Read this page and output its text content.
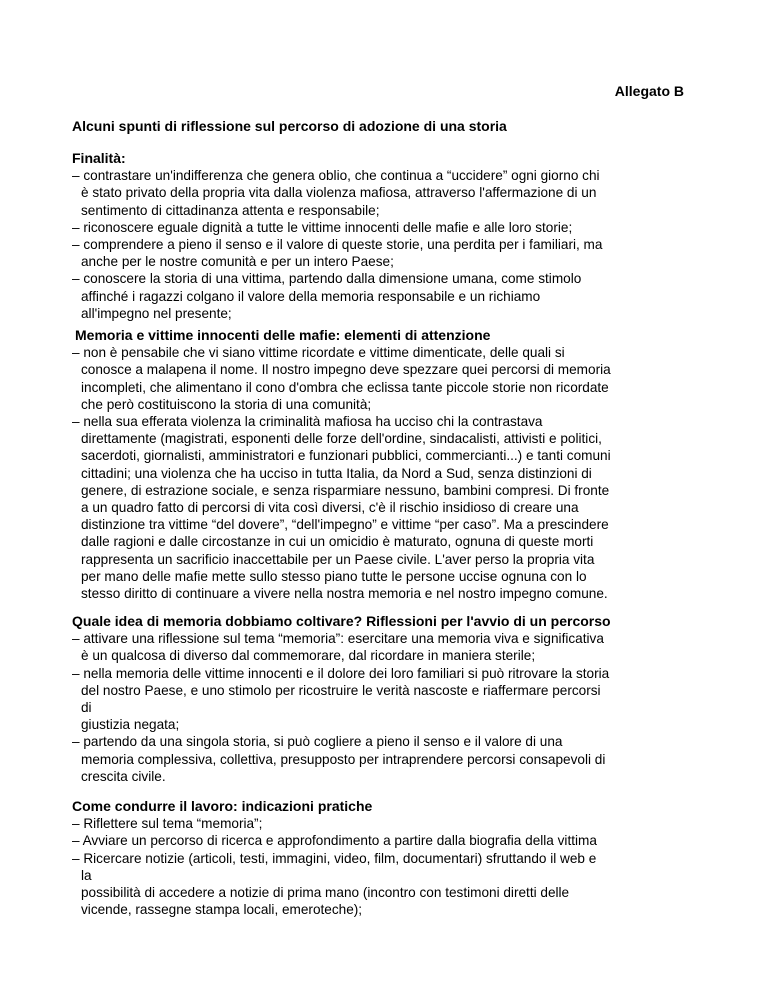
Allegato B
Alcuni spunti di riflessione sul percorso di adozione di una storia
Finalità:

– contrastare un'indifferenza che genera oblio, che continua a “uccidere” ogni giorno chi

è stato privato della propria vita dalla violenza mafiosa, attraverso l'affermazione di un

sentimento di cittadinanza attenta e responsabile;

– riconoscere eguale dignità a tutte le vittime innocenti delle mafie e alle loro storie;

– comprendere a pieno il senso e il valore di queste storie, una perdita per i familiari, ma

anche per le nostre comunità e per un intero Paese;

– conoscere la storia di una vittima, partendo dalla dimensione umana, come stimolo

affinché i ragazzi colgano il valore della memoria responsabile e un richiamo

all'impegno nel presente;

Memoria e vittime innocenti delle mafie: elementi di attenzione

– non è pensabile che vi siano vittime ricordate e vittime dimenticate, delle quali si

conosce a malapena il nome. Il nostro impegno deve spezzare quei percorsi di memoria

incompleti, che alimentano il cono d'ombra che eclissa tante piccole storie non ricordate

che però costituiscono la storia di una comunità;

– nella sua efferata violenza la criminalità mafiosa ha ucciso chi la contrastava

direttamente (magistrati, esponenti delle forze dell'ordine, sindacalisti, attivisti e politici,

sacerdoti, giornalisti, amministratori e funzionari pubblici, commercianti...) e tanti comuni

cittadini; una violenza che ha ucciso in tutta Italia, da Nord a Sud, senza distinzioni di

genere, di estrazione sociale, e senza risparmiare nessuno, bambini compresi. Di fronte

a un quadro fatto di percorsi di vita così diversi, c'è il rischio insidioso di creare una

distinzione tra vittime “del dovere”, “dell'impegno” e vittime “per caso”. Ma a prescindere

dalle ragioni e dalle circostanze in cui un omicidio è maturato, ognuna di queste morti

rappresenta un sacrificio inaccettabile per un Paese civile. L'aver perso la propria vita

per mano delle mafie mette sullo stesso piano tutte le persone uccise ognuna con lo

stesso diritto di continuare a vivere nella nostra memoria e nel nostro impegno comune.

Quale idea di memoria dobbiamo coltivare? Riflessioni per l'avvio di un percorso

– attivare una riflessione sul tema “memoria”: esercitare una memoria viva e significativa

è un qualcosa di diverso dal commemorare, dal ricordare in maniera sterile;

– nella memoria delle vittime innocenti e il dolore dei loro familiari si può ritrovare la storia

del nostro Paese, e uno stimolo per ricostruire le verità nascoste e riaffermare percorsi

di

giustizia negata;

– partendo da una singola storia, si può cogliere a pieno il senso e il valore di una

memoria complessiva, collettiva, presupposto per intraprendere percorsi consapevoli di

crescita civile.

Come condurre il lavoro: indicazioni pratiche

– Riflettere sul tema “memoria”;

– Avviare un percorso di ricerca e approfondimento a partire dalla biografia della vittima

– Ricercare notizie (articoli, testi, immagini, video, film, documentari) sfruttando il web e

la

possibilità di accedere a notizie di prima mano (incontro con testimoni diretti delle

vicende, rassegne stampa locali, emeroteche);
